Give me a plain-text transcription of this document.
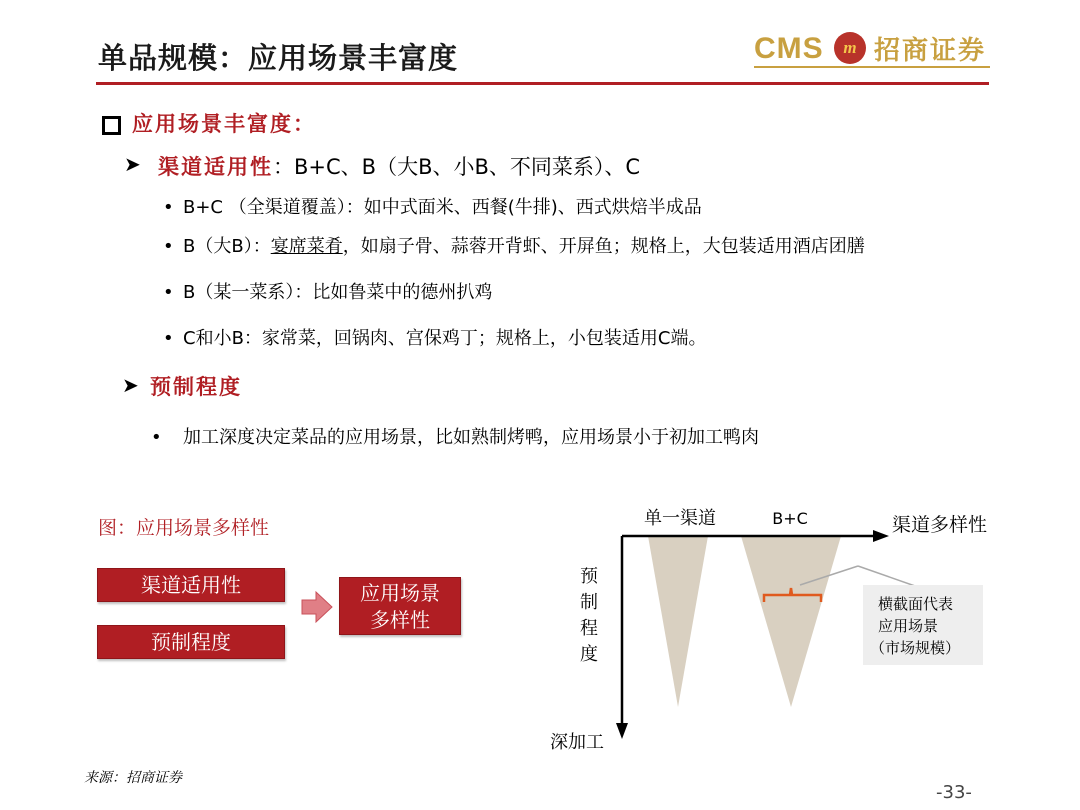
单品规模：应用场景丰富度	CMS	m 招商证券
应用场景丰富度：
➤ 渠道适用性：B+C、B（大B、小B、不同菜系）、C
• B+C （全渠道覆盖）：如中式面米、西餐(牛排)、西式烘焙半成品
• B（大B）：宴席菜肴，如扇子骨、蒜蓉开背虾、开屏鱼；规格上，大包装适用酒店团膳
• B（某一菜系）：比如鲁菜中的德州扒鸡
• C和小B：家常菜，回锅肉、宫保鸡丁；规格上，小包装适用C端。
➤ 预制程度
• 加工深度决定菜品的应用场景，比如熟制烤鸭，应用场景小于初加工鸭肉
图：应用场景多样性
渠道适用性
预制程度
应用场景
多样性
单一渠道	B+C	渠道多样性
预
制
程
度
深加工
横截面代表
应用场景
（市场规模）
来源：招商证券
-33-
